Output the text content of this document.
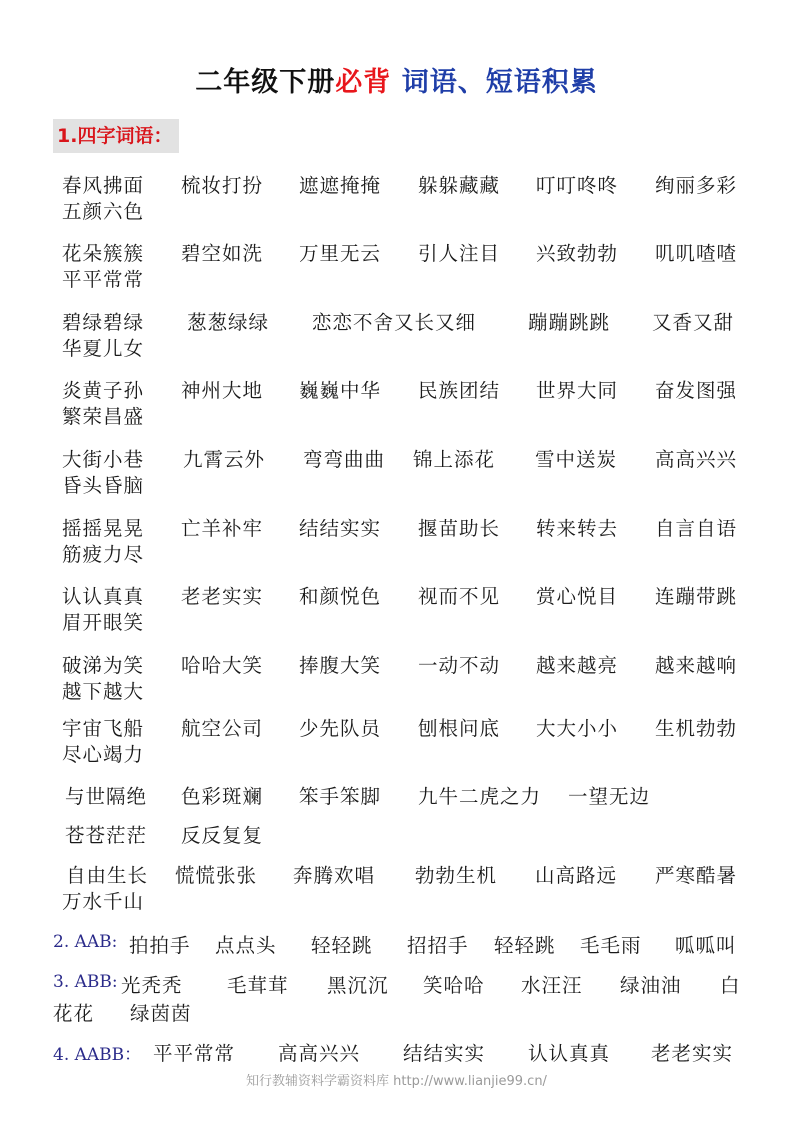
二年级下册必背 词语、短语积累
1.四字词语：
春风拂面 梳妆打扮 遮遮掩掩 躲躲藏藏 叮叮咚咚 绚丽多彩
五颜六色
花朵簇簇 碧空如洗 万里无云 引人注目 兴致勃勃 叽叽喳喳
平平常常
碧绿碧绿 葱葱绿绿 恋恋不舍又长又细	蹦蹦跳跳 又香又甜
华夏儿女
炎黄子孙 神州大地 巍巍中华 民族团结 世界大同 奋发图强
繁荣昌盛
大街小巷 九霄云外 弯弯曲曲 锦上添花 雪中送炭 高高兴兴
昏头昏脑
摇摇晃晃 亡羊补牢 结结实实 揠苗助长 转来转去 自言自语
筋疲力尽
认认真真 老老实实 和颜悦色 视而不见 赏心悦目 连蹦带跳
眉开眼笑
破涕为笑 哈哈大笑 捧腹大笑 一动不动 越来越亮 越来越响
越下越大
宇宙飞船 航空公司 少先队员 刨根问底 大大小小 生机勃勃
尽心竭力
与世隔绝 色彩斑斓 笨手笨脚 九牛二虎之力 一望无边
苍苍茫茫 反反复复
自由生长 慌慌张张 奔腾欢唱 勃勃生机 山高路远 严寒酷暑
万水千山
2. AAB: 拍拍手 点点头 轻轻跳 招招手 轻轻跳 毛毛雨 呱呱叫
3. ABB: 光秃秃 毛茸茸 黑沉沉 笑哈哈 水汪汪 绿油油 白
花花 绿茵茵
4. AABB： 平平常常 高高兴兴 结结实实 认认真真 老老实实
知行教辅资料学霸资料库 http://www.lianjie99.cn/
